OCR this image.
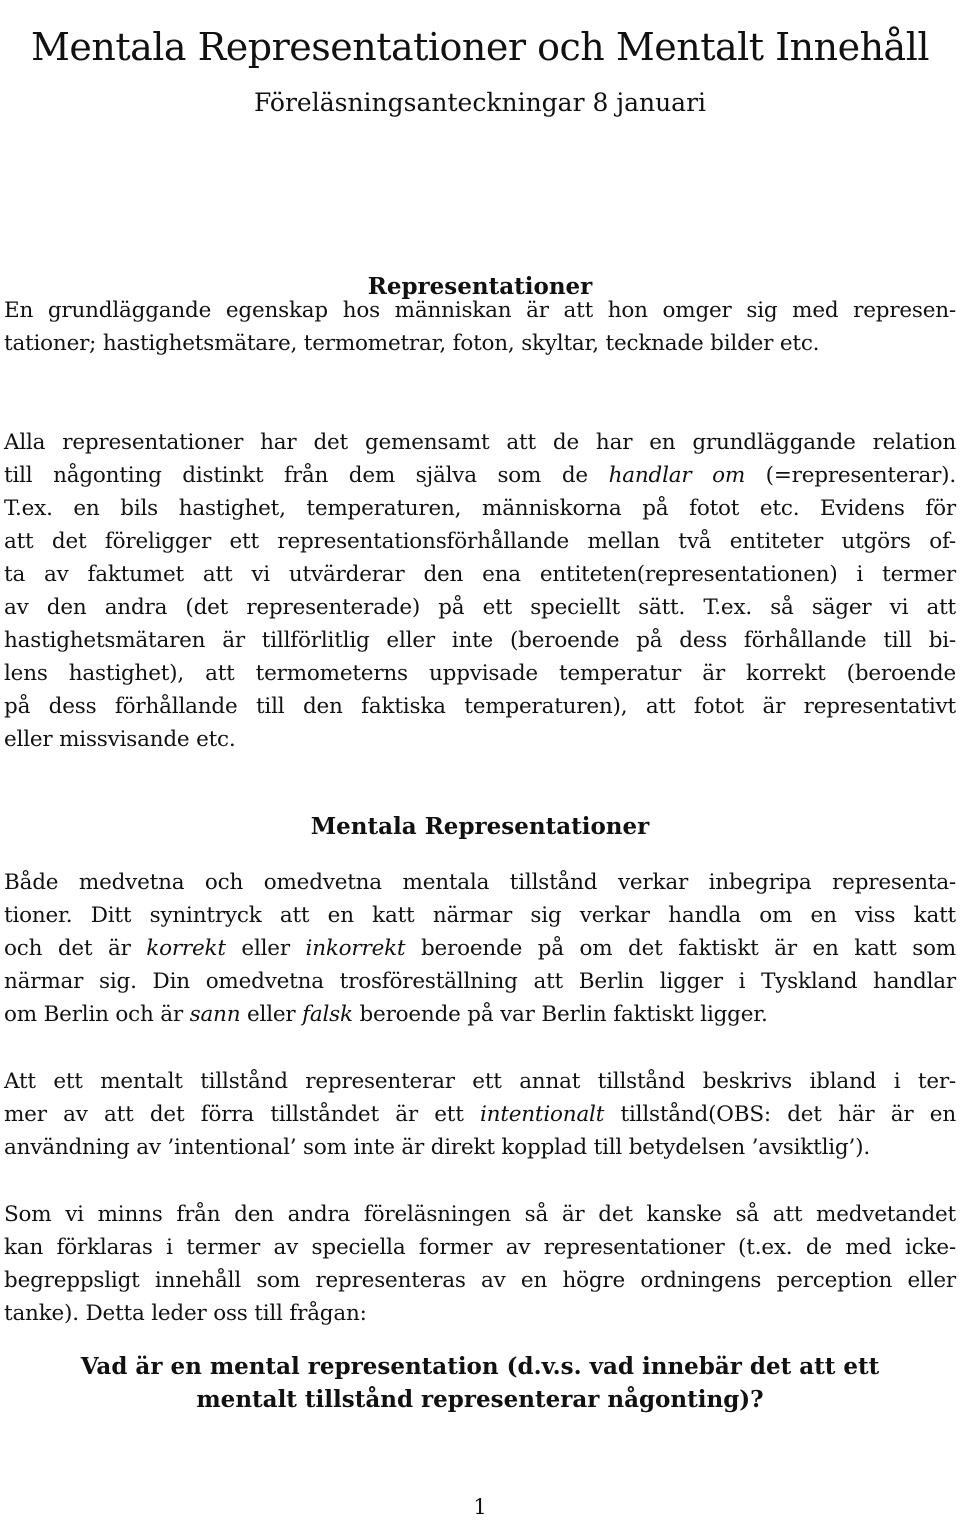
Mentala Representationer och Mentalt Innehåll
Föreläsningsanteckningar 8 januari
Representationer
En grundläggande egenskap hos människan är att hon omger sig med represen-
tationer; hastighetsmätare, termometrar, foton, skyltar, tecknade bilder etc.
Alla representationer har det gemensamt att de har en grundläggande relation
till någonting distinkt från dem själva som de handlar om (=representerar).
T.ex. en bils hastighet, temperaturen, människorna på fotot etc. Evidens för
att det föreligger ett representationsförhållande mellan två entiteter utgörs of-
ta av faktumet att vi utvärderar den ena entiteten(representationen) i termer
av den andra (det representerade) på ett speciellt sätt. T.ex. så säger vi att
hastighetsmätaren är tillförlitlig eller inte (beroende på dess förhållande till bi-
lens hastighet), att termometerns uppvisade temperatur är korrekt (beroende
på dess förhållande till den faktiska temperaturen), att fotot är representativt
eller missvisande etc.
Mentala Representationer
Både medvetna och omedvetna mentala tillstånd verkar inbegripa representa-
tioner. Ditt synintryck att en katt närmar sig verkar handla om en viss katt
och det är korrekt eller inkorrekt beroende på om det faktiskt är en katt som
närmar sig. Din omedvetna trosföreställning att Berlin ligger i Tyskland handlar
om Berlin och är sann eller falsk beroende på var Berlin faktiskt ligger.
Att ett mentalt tillstånd representerar ett annat tillstånd beskrivs ibland i ter-
mer av att det förra tillståndet är ett intentionalt tillstånd(OBS: det här är en
användning av ’intentional’ som inte är direkt kopplad till betydelsen ’avsiktlig’).
Som vi minns från den andra föreläsningen så är det kanske så att medvetandet
kan förklaras i termer av speciella former av representationer (t.ex. de med icke-
begreppsligt innehåll som representeras av en högre ordningens perception eller
tanke). Detta leder oss till frågan:
Vad är en mental representation (d.v.s. vad innebär det att ett
mentalt tillstånd representerar någonting)?
1
